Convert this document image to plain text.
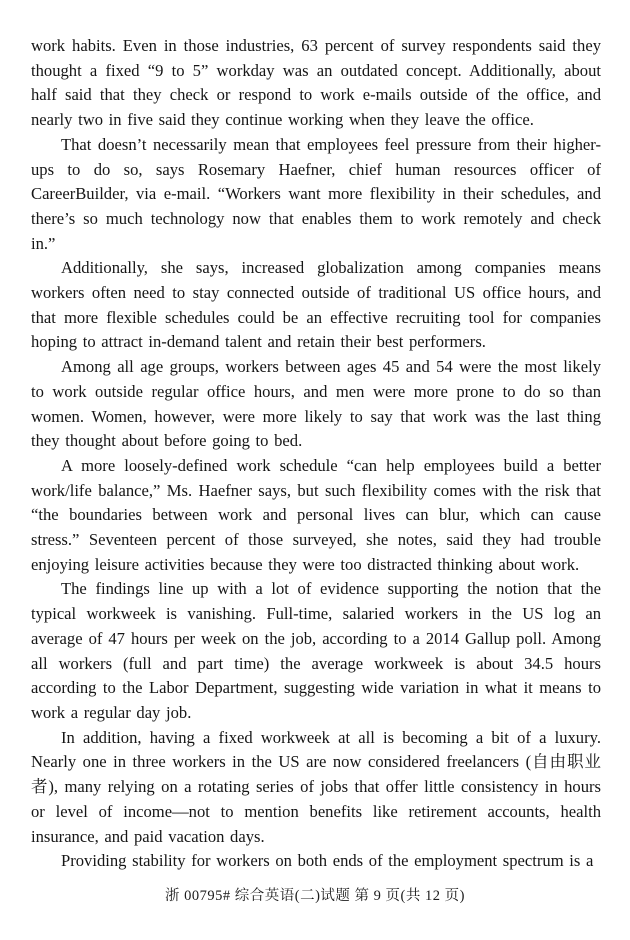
work habits. Even in those industries, 63 percent of survey respondents said they thought a fixed “9 to 5” workday was an outdated concept. Additionally, about half said that they check or respond to work e-mails outside of the office, and nearly two in five said they continue working when they leave the office.

That doesn’t necessarily mean that employees feel pressure from their higher-ups to do so, says Rosemary Haefner, chief human resources officer of CareerBuilder, via e-mail. “Workers want more flexibility in their schedules, and there’s so much technology now that enables them to work remotely and check in.”

Additionally, she says, increased globalization among companies means workers often need to stay connected outside of traditional US office hours, and that more flexible schedules could be an effective recruiting tool for companies hoping to attract in-demand talent and retain their best performers.

Among all age groups, workers between ages 45 and 54 were the most likely to work outside regular office hours, and men were more prone to do so than women. Women, however, were more likely to say that work was the last thing they thought about before going to bed.

A more loosely-defined work schedule “can help employees build a better work/life balance,” Ms. Haefner says, but such flexibility comes with the risk that “the boundaries between work and personal lives can blur, which can cause stress.” Seventeen percent of those surveyed, she notes, said they had trouble enjoying leisure activities because they were too distracted thinking about work.

The findings line up with a lot of evidence supporting the notion that the typical workweek is vanishing. Full-time, salaried workers in the US log an average of 47 hours per week on the job, according to a 2014 Gallup poll. Among all workers (full and part time) the average workweek is about 34.5 hours according to the Labor Department, suggesting wide variation in what it means to work a regular day job.

In addition, having a fixed workweek at all is becoming a bit of a luxury. Nearly one in three workers in the US are now considered freelancers (自由职业者), many relying on a rotating series of jobs that offer little consistency in hours or level of income—not to mention benefits like retirement accounts, health insurance, and paid vacation days.

Providing stability for workers on both ends of the employment spectrum is a

浙 00795# 综合英语(二)试题 第 9 页(共 12 页)
